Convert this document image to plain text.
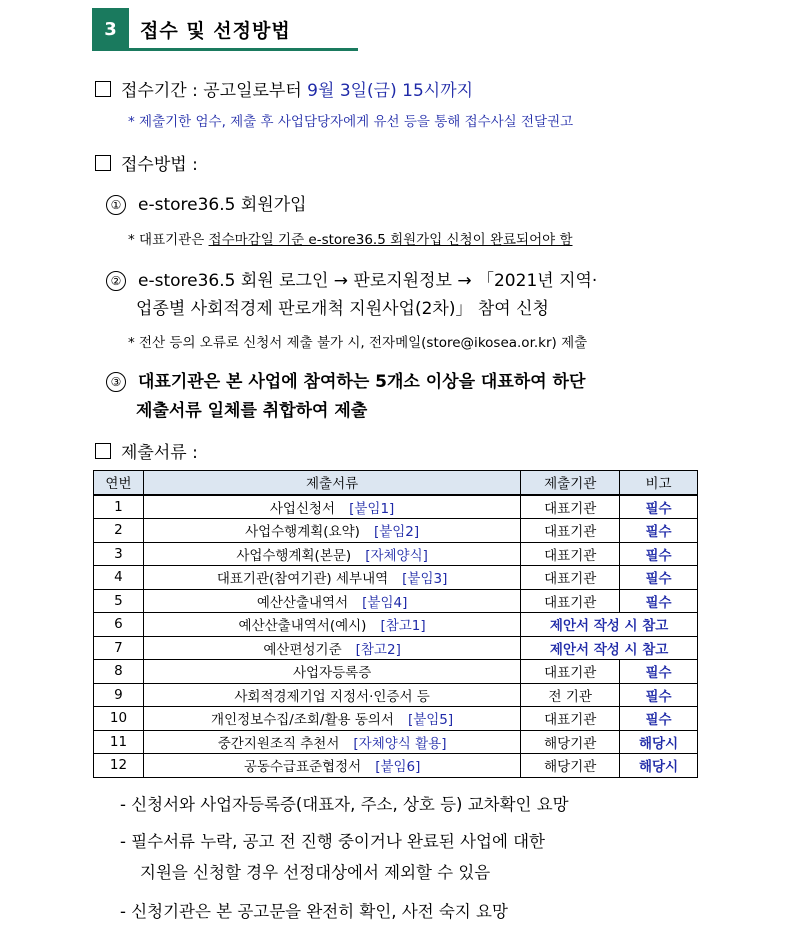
3	접수 및 선정방법
접수기간 : 공고일로부터 9월 3일(금) 15시까지
* 제출기한 엄수, 제출 후 사업담당자에게 유선 등을 통해 접수사실 전달권고
접수방법 :
① e-store36.5 회원가입
* 대표기관은 접수마감일 기준 e-store36.5 회원가입 신청이 완료되어야 함
② e-store36.5 회원 로그인 → 판로지원정보 → 「2021년 지역·
업종별 사회적경제 판로개척 지원사업(2차)」 참여 신청
* 전산 등의 오류로 신청서 제출 불가 시, 전자메일(store@ikosea.or.kr) 제출
③ 대표기관은 본 사업에 참여하는 5개소 이상을 대표하여 하단
제출서류 일체를 취합하여 제출
제출서류 :
연번	제출서류	제출기관	비고
1	사업신청서 [붙임1]	대표기관	필수
2	사업수행계획(요약) [붙임2]	대표기관	필수
3	사업수행계획(본문) [자체양식]	대표기관	필수
4	대표기관(참여기관) 세부내역 [붙임3]	대표기관	필수
5	예산산출내역서 [붙임4]	대표기관	필수
6	예산산출내역서(예시) [참고1]	제안서 작성 시 참고	
7	예산편성기준 [참고2]	제안서 작성 시 참고	
8	사업자등록증	대표기관	필수
9	사회적경제기업 지정서·인증서 등	전 기관	필수
10	개인정보수집/조회/활용 동의서 [붙임5]	대표기관	필수
11	중간지원조직 추천서 [자체양식 활용]	해당기관	해당시
12	공동수급표준협정서 [붙임6]	해당기관	해당시
- 신청서와 사업자등록증(대표자, 주소, 상호 등) 교차확인 요망
- 필수서류 누락, 공고 전 진행 중이거나 완료된 사업에 대한
지원을 신청할 경우 선정대상에서 제외할 수 있음
- 신청기관은 본 공고문을 완전히 확인, 사전 숙지 요망
